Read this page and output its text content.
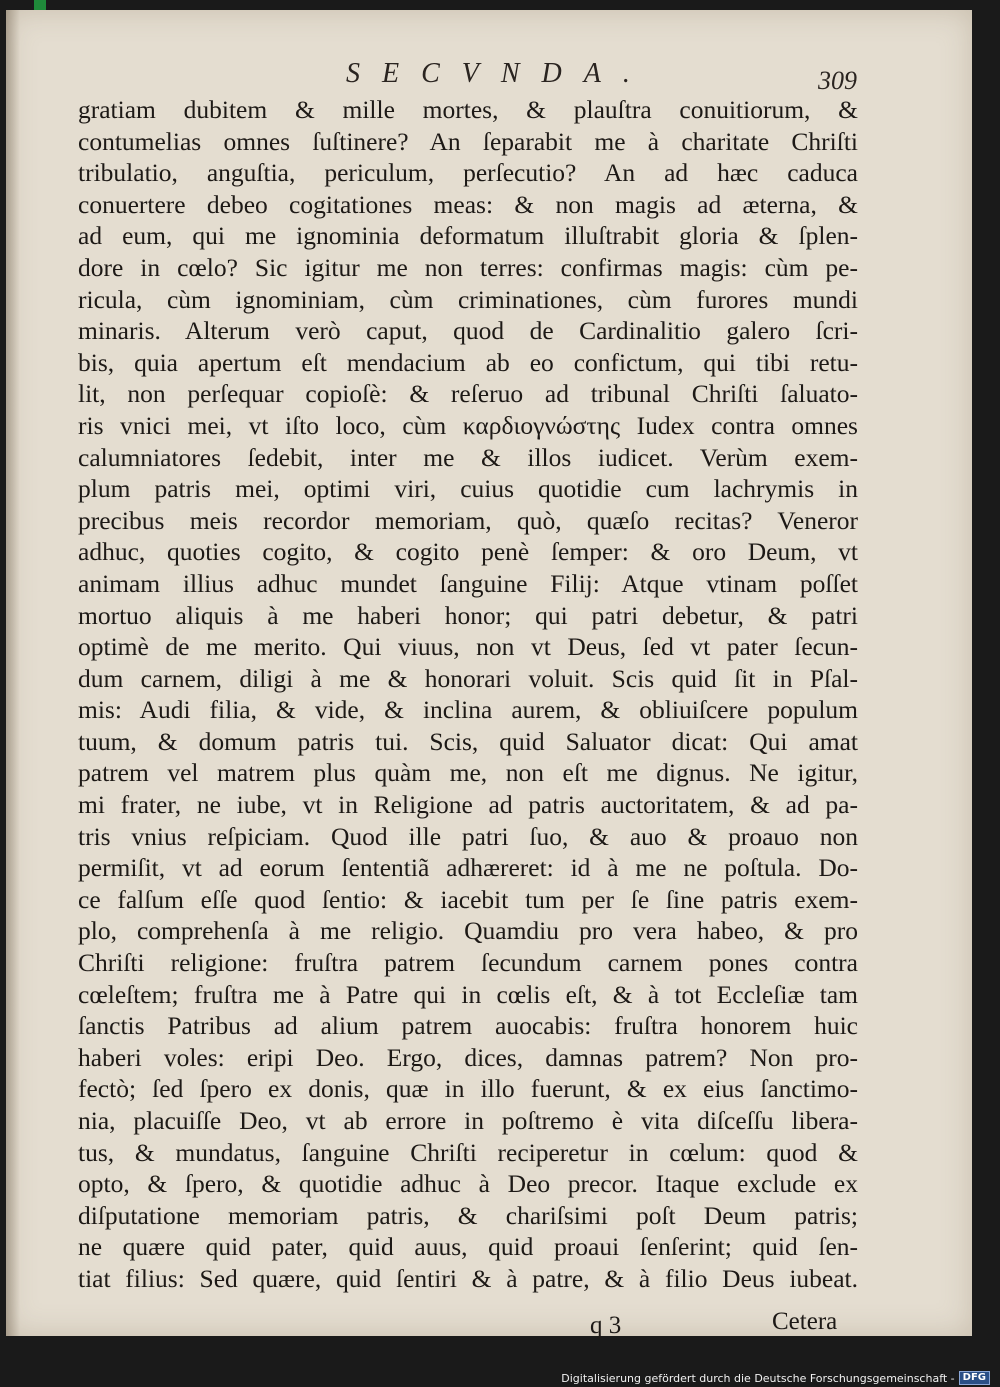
SECVNDA.	309
gratiam dubitem & mille mortes, & plauſtra conuitiorum, &
contumelias omnes ſuſtinere? An ſeparabit me à charitate Chriſti
tribulatio, anguſtia, periculum, perſecutio? An ad hæc caduca
conuertere debeo cogitationes meas: & non magis ad æterna, &
ad eum, qui me ignominia deformatum illuſtrabit gloria & ſplen-
dore in cœlo? Sic igitur me non terres: confirmas magis: cùm pe-
ricula, cùm ignominiam, cùm criminationes, cùm furores mundi
minaris. Alterum verò caput, quod de Cardinalitio galero ſcri-
bis, quia apertum eſt mendacium ab eo confictum, qui tibi retu-
lit, non perſequar copioſè: & reſeruo ad tribunal Chriſti ſaluato-
ris vnici mei, vt iſto loco, cùm καρδιογνώστης Iudex contra omnes
calumniatores ſedebit, inter me & illos iudicet. Verùm exem-
plum patris mei, optimi viri, cuius quotidie cum lachrymis in
precibus meis recordor memoriam, quò, quæſo recitas? Veneror
adhuc, quoties cogito, & cogito penè ſemper: & oro Deum, vt
animam illius adhuc mundet ſanguine Filij: Atque vtinam poſſet
mortuo aliquis à me haberi honor; qui patri debetur, & patri
optimè de me merito. Qui viuus, non vt Deus, ſed vt pater ſecun-
dum carnem, diligi à me & honorari voluit. Scis quid ſit in Pſal-
mis: Audi filia, & vide, & inclina aurem, & obliuiſcere populum
tuum, & domum patris tui. Scis, quid Saluator dicat: Qui amat
patrem vel matrem plus quàm me, non eſt me dignus. Ne igitur,
mi frater, ne iube, vt in Religione ad patris auctoritatem, & ad pa-
tris vnius reſpiciam. Quod ille patri ſuo, & auo & proauo non
permiſit, vt ad eorum ſententiã adhæreret: id à me ne poſtula. Do-
ce falſum eſſe quod ſentio: & iacebit tum per ſe ſine patris exem-
plo, comprehenſa à me religio. Quamdiu pro vera habeo, & pro
Chriſti religione: fruſtra patrem ſecundum carnem pones contra
cœleſtem; fruſtra me à Patre qui in cœlis eſt, & à tot Eccleſiæ tam
ſanctis Patribus ad alium patrem auocabis: fruſtra honorem huic
haberi voles: eripi Deo. Ergo, dices, damnas patrem? Non pro-
fectò; ſed ſpero ex donis, quæ in illo fuerunt, & ex eius ſanctimo-
nia, placuiſſe Deo, vt ab errore in poſtremo è vita diſceſſu libera-
tus, & mundatus, ſanguine Chriſti reciperetur in cœlum: quod &
opto, & ſpero, & quotidie adhuc à Deo precor. Itaque exclude ex
diſputatione memoriam patris, & chariſsimi poſt Deum patris;
ne quære quid pater, quid auus, quid proaui ſenſerint; quid ſen-
tiat filius: Sed quære, quid ſentiri & à patre, & à filio Deus iubeat.
q 3	Cetera
Digitalisierung gefördert durch die Deutsche Forschungsgemeinschaft - DFG
